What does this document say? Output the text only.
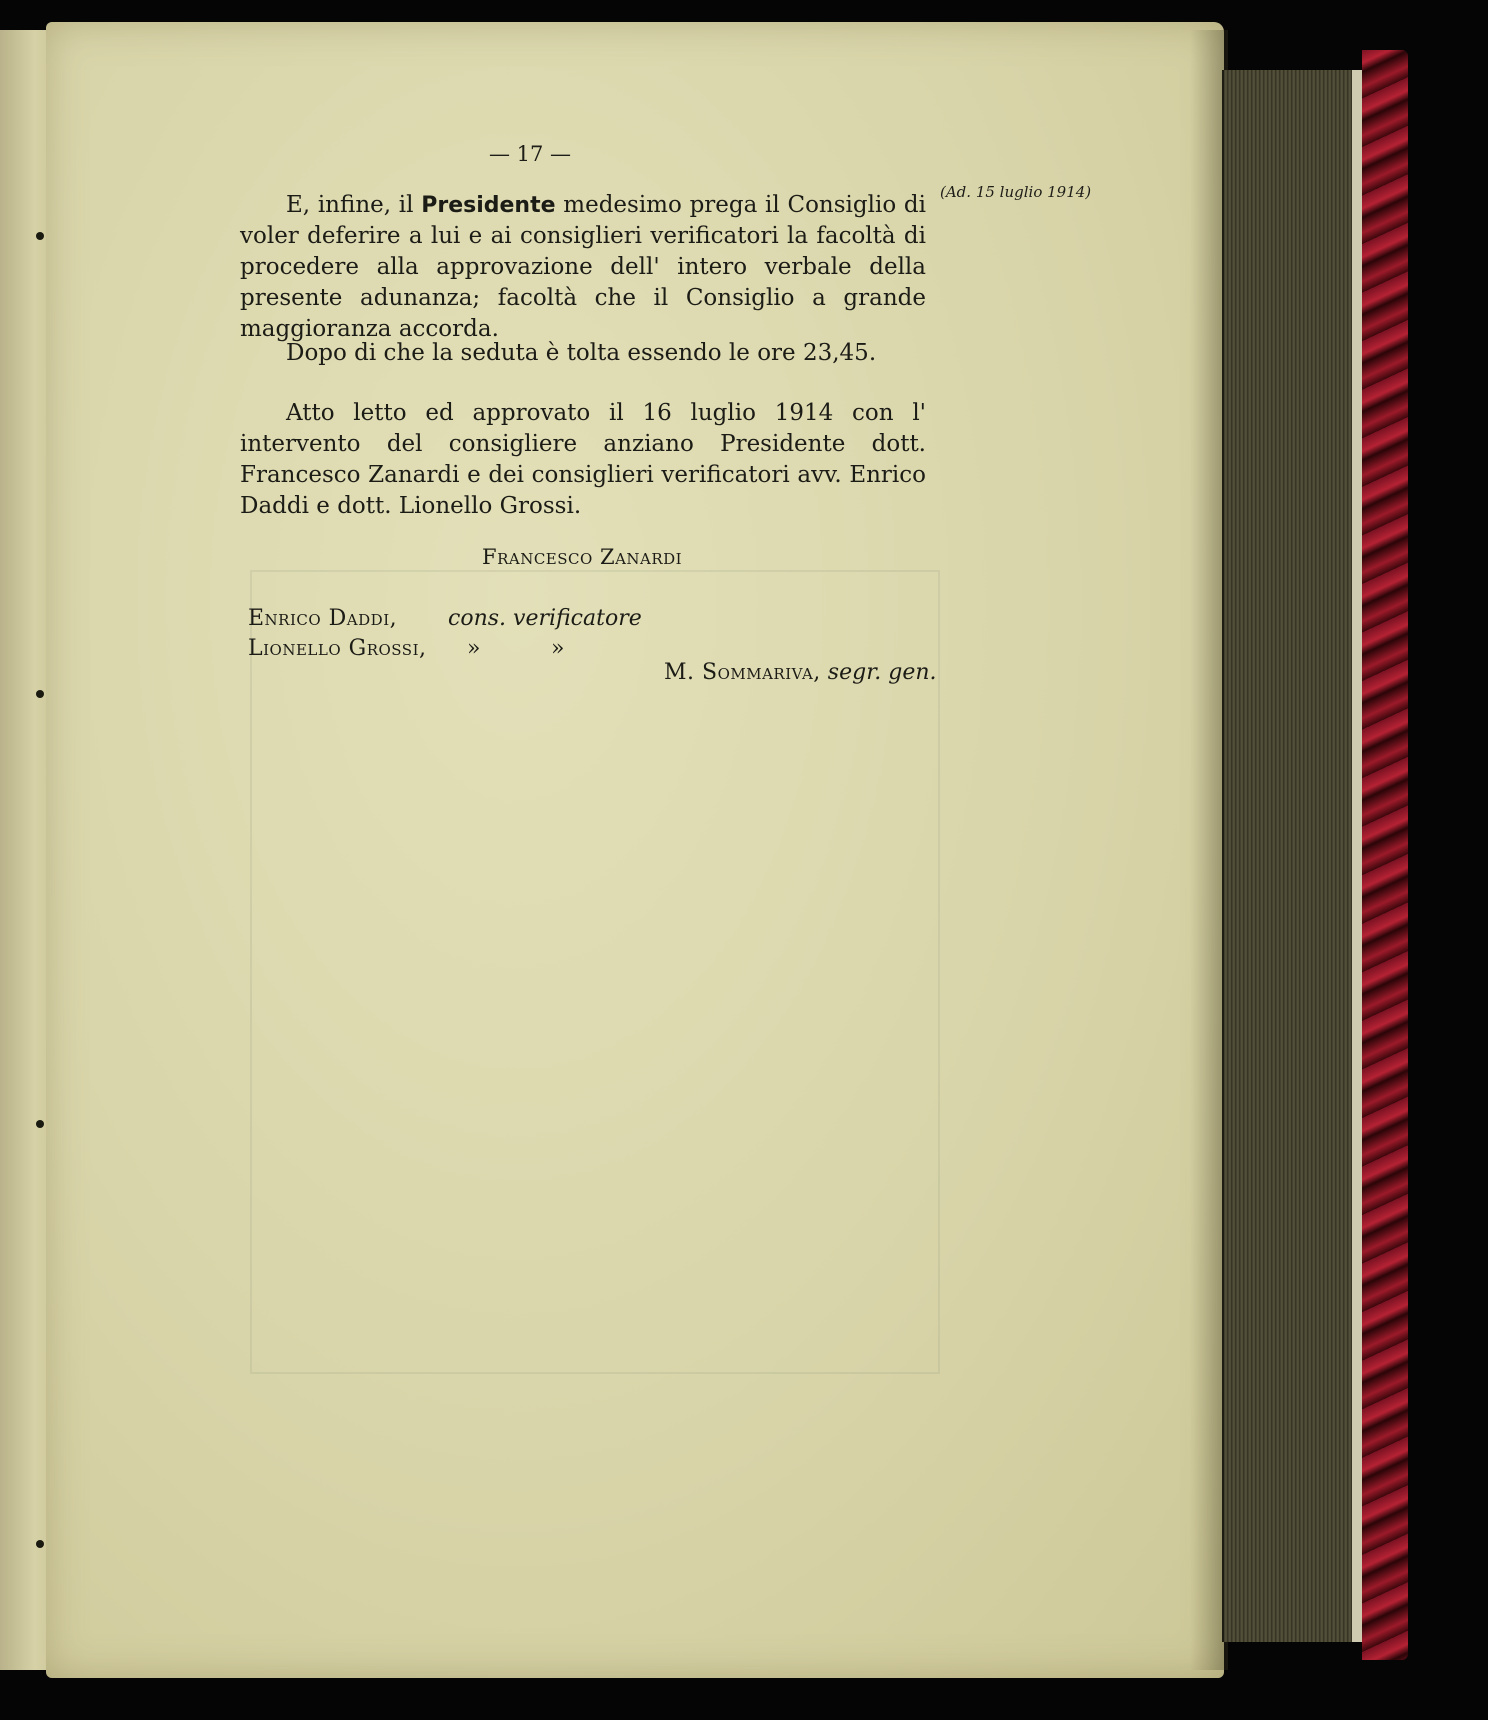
— 17 —
(Ad. 15 luglio 1914)
E, infine, il Presidente medesimo prega il Consiglio di voler deferire a lui e ai consiglieri verificatori la facoltà di procedere alla approvazione dell' intero verbale della presente adunanza; facoltà che il Consiglio a grande maggioranza accorda.
Dopo di che la seduta è tolta essendo le ore 23,45.
Atto letto ed approvato il 16 luglio 1914 con l' intervento del consigliere anziano Presidente dott. Francesco Zanardi e dei consiglieri verificatori avv. Enrico Daddi e dott. Lionello Grossi.
Francesco Zanardi
Enrico Daddi, cons. verificatore
Lionello Grossi, »	»
M. Sommariva, segr. gen.
